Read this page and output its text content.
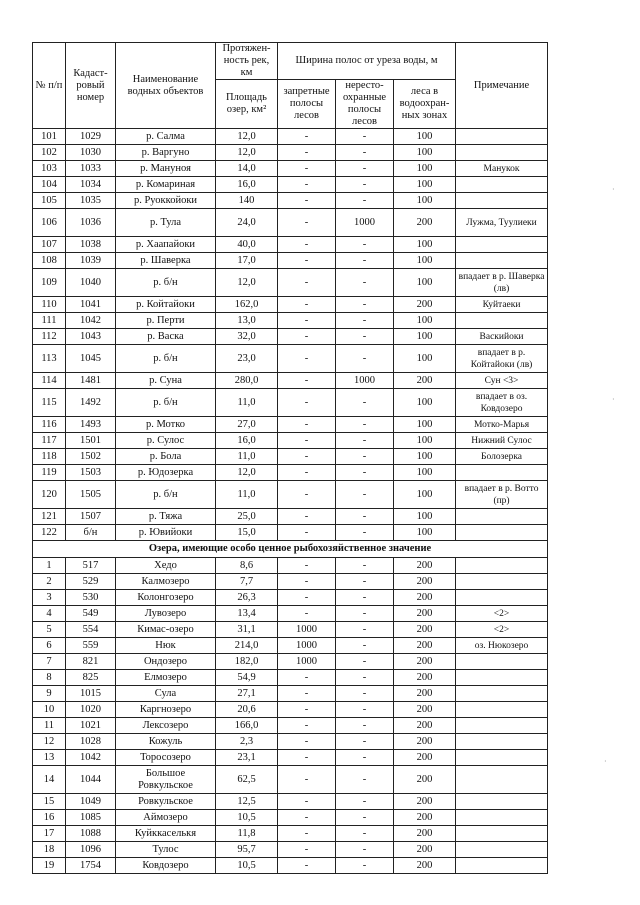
№ п/п	Кадаст-ровый номер	Наименование водных объектов	Протяжен-ность рек, км	Ширина полос от уреза воды, м			Примечание
			Площадь озер, км²	запретные полосы лесов	нересто-охранные полосы лесов	леса в водоохран-ных зонах	

101	1029	р. Салма	12,0	-	-	100	
102	1030	р. Варгуно	12,0	-	-	100	
103	1033	р. Мануноя	14,0	-	-	100	Манукок
104	1034	р. Комариная	16,0	-	-	100	
105	1035	р. Руоккойоки	140	-	-	100	
106	1036	р. Тула	24,0	-	1000	200	Лужма, Туулиеки
107	1038	р. Хаапайоки	40,0	-	-	100	
108	1039	р. Шаверка	17,0	-	-	100	
109	1040	р. б/н	12,0	-	-	100	впадает в р. Шаверка (лв)
110	1041	р. Койтайоки	162,0	-	-	200	Куйтаеки
111	1042	р. Перти	13,0	-	-	100	
112	1043	р. Васка	32,0	-	-	100	Васкийоки
113	1045	р. б/н	23,0	-	-	100	впадает в р. Койтайоки (лв)
114	1481	р. Суна	280,0	-	1000	200	Сун <3>
115	1492	р. б/н	11,0	-	-	100	впадает в оз. Ковдозеро
116	1493	р. Мотко	27,0	-	-	100	Мотко-Марья
117	1501	р. Сулос	16,0	-	-	100	Нижний Сулос
118	1502	р. Бола	11,0	-	-	100	Болозерка
119	1503	р. Юдозерка	12,0	-	-	100	
120	1505	р. б/н	11,0	-	-	100	впадает в р. Вотто (пр)
121	1507	р. Тяжа	25,0	-	-	100	
122	б/н	р. Ювийоки	15,0	-	-	100	
Озера, имеющие особо ценное рыбохозяйственное значение							
1	517	Хедо	8,6	-	-	200	
2	529	Калмозеро	7,7	-	-	200	
3	530	Колонгозеро	26,3	-	-	200	
4	549	Лувозеро	13,4	-	-	200	<2>
5	554	Кимас-озеро	31,1	1000	-	200	<2>
6	559	Нюк	214,0	1000	-	200	оз. Нюкозеро
7	821	Ондозеро	182,0	1000	-	200	
8	825	Елмозеро	54,9	-	-	200	
9	1015	Сула	27,1	-	-	200	
10	1020	Каргнозеро	20,6	-	-	200	
11	1021	Лексозеро	166,0	-	-	200	
12	1028	Кожуль	2,3	-	-	200	
13	1042	Торосозеро	23,1	-	-	200	
14	1044	Большое Ровкульское	62,5	-	-	200	
15	1049	Ровкульское	12,5	-	-	200	
16	1085	Аймозеро	10,5	-	-	200	
17	1088	Куйккаселькя	11,8	-	-	200	
18	1096	Тулос	95,7	-	-	200	
19	1754	Ковдозеро	10,5	-	-	200	
·
·
·
